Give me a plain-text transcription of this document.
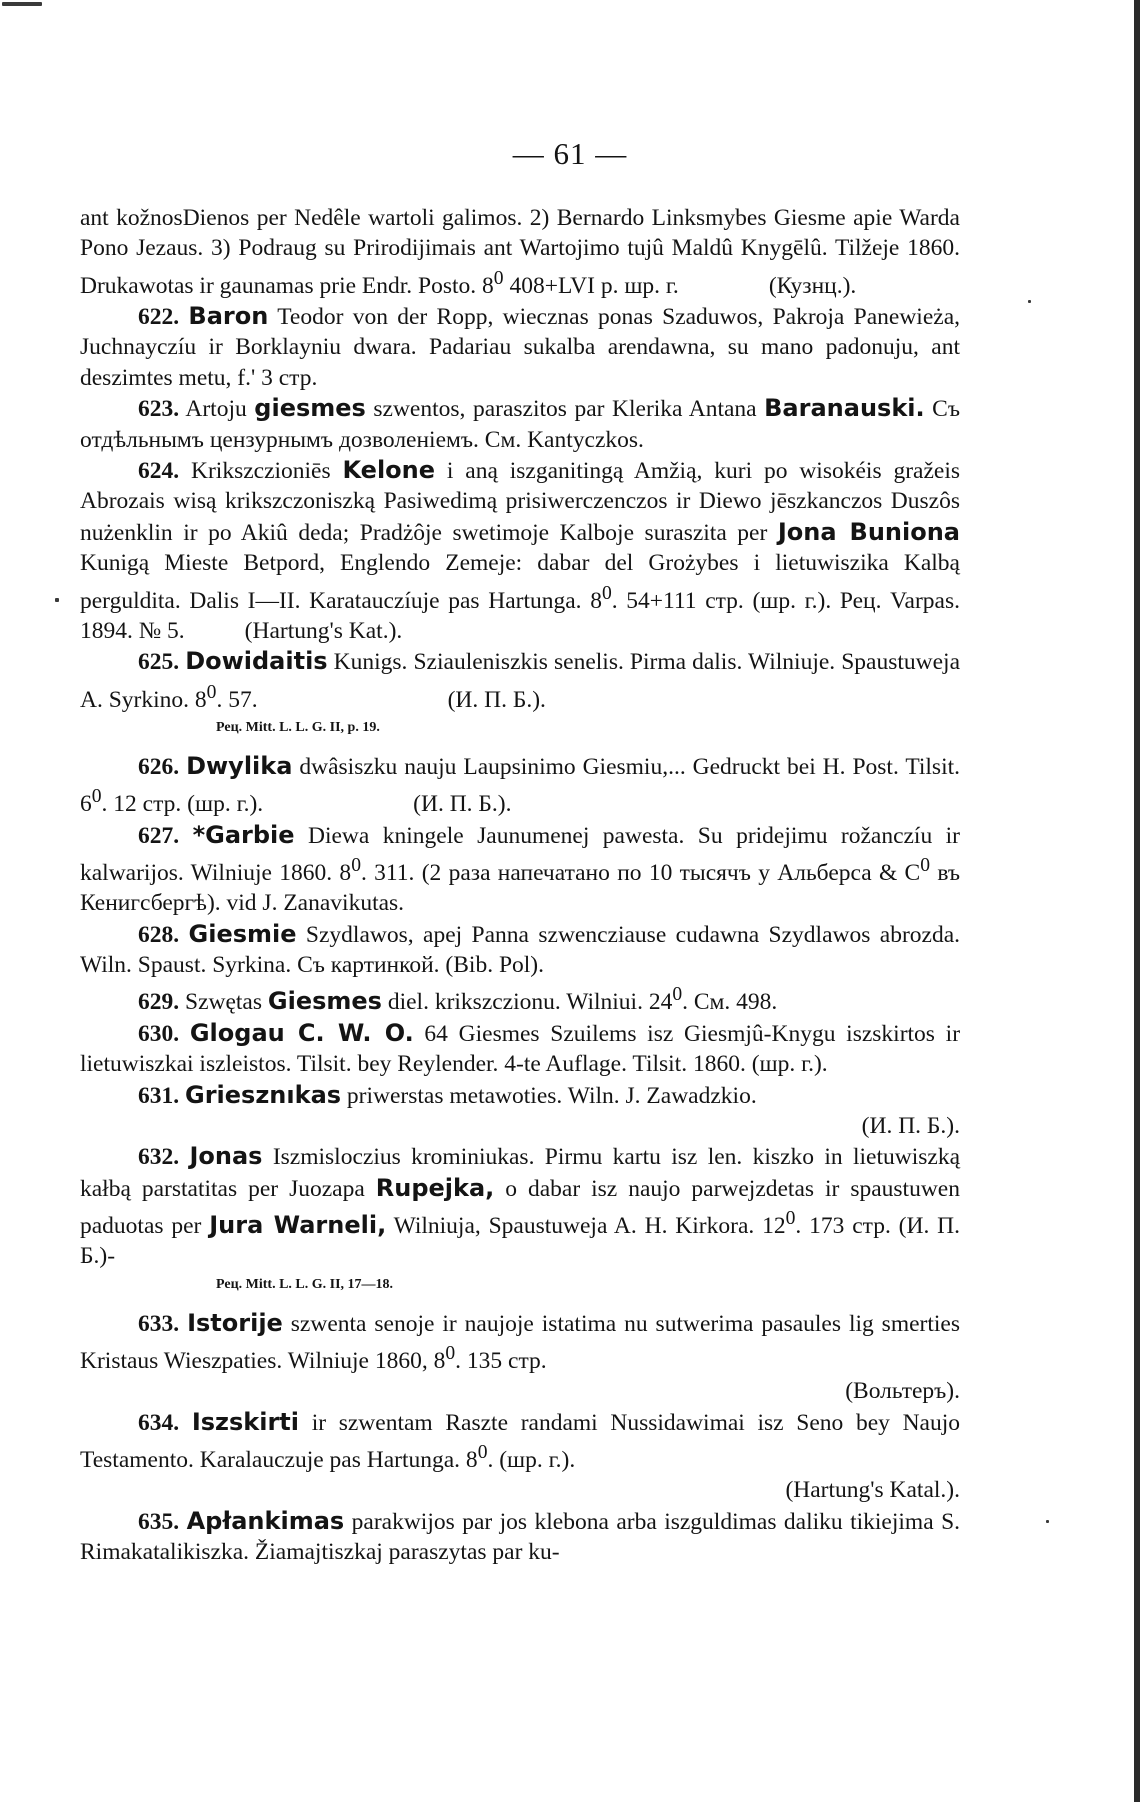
— 61 —

ant kožnosDienos per Nedêle wartoli galimos. 2) Bernardo Linksmybes Giesme apie Warda Pono Jezaus. 3) Podraug su Prirodijimais ant Wartojimo tujû Maldû Knygēlû. Tilžeje 1860. Drukawotas ir gaunamas prie Endr. Posto. $8^0$ 408+LVI p. шр. г.	(Кузнц.).

622. Baron Teodor von der Ropp, wiecznas ponas Szaduwos, Pakroja Panewieża, Juchnayczíu ir Borklayniu dwara. Padariau sukalba arendawna, su mano padonuju, ant deszimtes metu, f.' 3 стр.

623. Artoju giesmes szwentos, paraszitos par Klerika Antana Baranauski. Съ отдѣльнымъ цензурнымъ дозволеніемъ. См. Kantyczkos.

624. Krikszczioniēs Kelone i aną iszganitingą Amžią, kuri po wisokéis gražeis Abrozais wisą krikszczoniszką Pasiwedimą prisiwerczenczos ir Diewo jēszkanczos Duszôs nużenklin ir po Akiû deda; Pradżôje swetimoje Kalboje suraszita per Jona Buniona Kunigą Mieste Betpord, Englendo Zemeje: dabar del Grożybes i lietuwiszika Kalbą perguldita. Dalis I—II. Karatauczíuje pas Hartunga. $8^0$. 54+111 стр. (шр. г.). Рец. Varpas. 1894. № 5.	(Hartung's Kat.).

625. Dowidaitis Kunigs. Sziauleniszkis senelis. Pirma dalis. Wilniuje. Spaustuweja A. Syrkino. $8^0$. 57.	(И. П. Б.).

Рец. Mitt. L. L. G. II, p. 19.

626. Dwylika dwâsiszku nauju Laupsinimo Giesmiu,... Gedruckt bei H. Post. Tilsit. $6^0$. 12 стр. (шр. г.).	(И. П. Б.).

627. *Garbie Diewa kningele Jaunumenej pawesta. Su pridejimu rožanczíu ir kalwarijos. Wilniuje 1860. $8^0$. 311. (2 раза напечатано по 10 тысячъ у Альберса & $C^0$ въ Кенигсбергѣ). vid J. Zanavikutas.

628. Giesmie Szydlawos, apej Panna szwencziause cudawna Szydlawos abrozda. Wiln. Spaust. Syrkina. Съ картинкой. (Bib. Pol).

629. Szwętas Giesmes diel. krikszczionu. Wilniui. $24^0$. См. 498.

630. Glogau C. W. O. 64 Giesmes Szuilems isz Giesmjû-Knygu iszskirtos ir lietuwiszkai iszleistos. Tilsit. bey Reylender. 4-te Auflage. Tilsit. 1860. (шр. г.).

631. Griesznıkas priwerstas metawoties. Wiln. J. Zawadzkio.

(И. П. Б.).

632. Jonas Iszmisloczius krominiukas. Pirmu kartu isz len. kiszko in lietuwiszką kałbą parstatitas per Juozapa Rupejka, o dabar isz naujo parwejzdetas ir spaustuwen paduotas per Jura Warneli, Wilniuja, Spaustuweja A. H. Kirkora. $12^0$. 173 стр. (И. П. Б.)-

Рец. Mitt. L. L. G. II, 17—18.

633. Istorije szwenta senoje ir naujoje istatima nu sutwerima pasaules lig smerties Kristaus Wieszpaties. Wilniuje 1860, $8^0$. 135 стр.

(Вольтеръ).

634. Iszskirti ir szwentam Raszte randami Nussidawimai isz Seno bey Naujo Testamento. Karalauczuje pas Hartunga. $8^0$. (шр. г.).

(Hartung's Katal.).

635. Apłankimas parakwijos par jos klebona arba iszguldimas daliku tikiejima S. Rimakatalikiszka. Žiamajtiszkaj paraszytas par ku-
